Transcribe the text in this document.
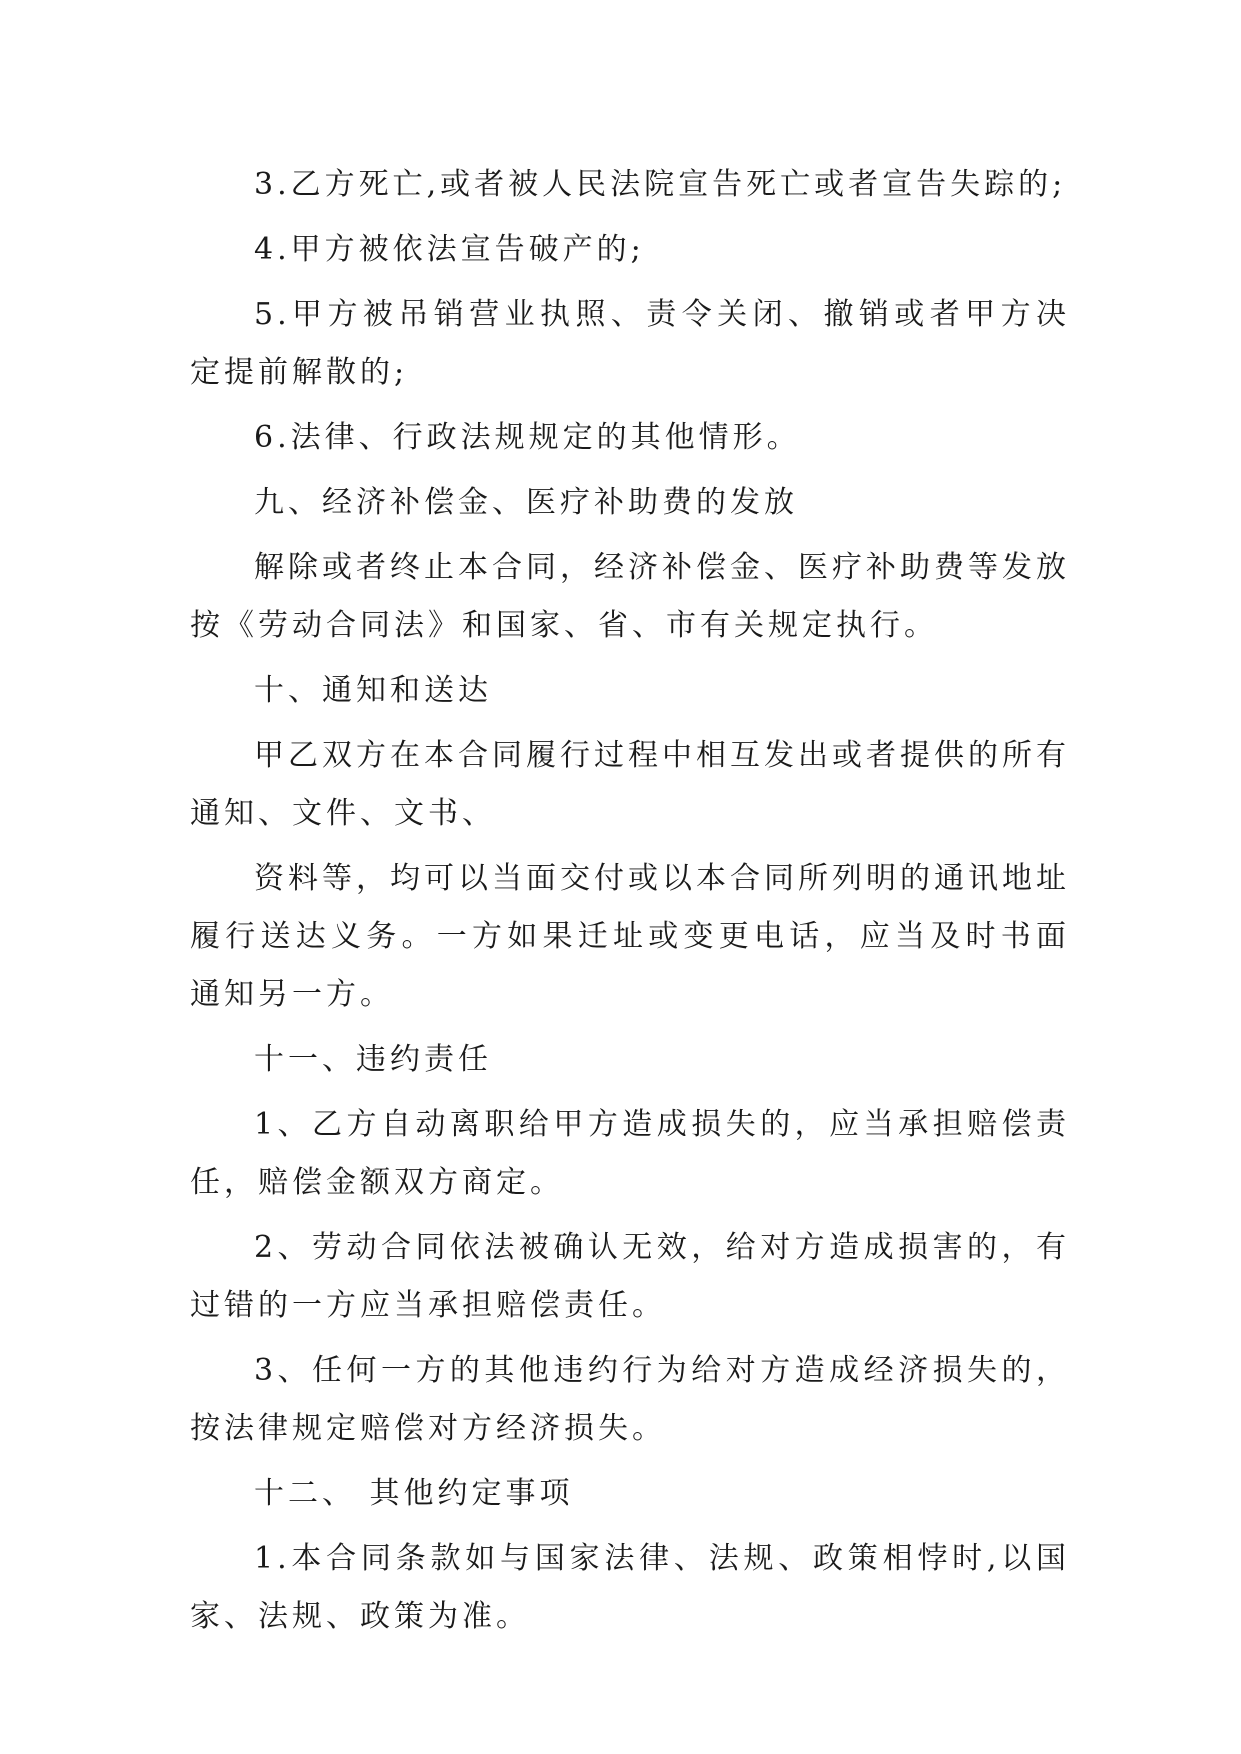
3.乙方死亡,或者被人民法院宣告死亡或者宣告失踪的;

4.甲方被依法宣告破产的;

5.甲方被吊销营业执照、责令关闭、撤销或者甲方决定提前解散的;

6.法律、行政法规规定的其他情形。

九、经济补偿金、医疗补助费的发放

解除或者终止本合同，经济补偿金、医疗补助费等发放按《劳动合同法》和国家、省、市有关规定执行。

十、通知和送达

甲乙双方在本合同履行过程中相互发出或者提供的所有通知、文件、文书、

资料等，均可以当面交付或以本合同所列明的通讯地址履行送达义务。一方如果迁址或变更电话，应当及时书面通知另一方。

十一、违约责任

1、乙方自动离职给甲方造成损失的，应当承担赔偿责任，赔偿金额双方商定。

2、劳动合同依法被确认无效，给对方造成损害的，有过错的一方应当承担赔偿责任。

3、任何一方的其他违约行为给对方造成经济损失的，按法律规定赔偿对方经济损失。

十二、 其他约定事项

1.本合同条款如与国家法律、法规、政策相悖时,以国家、法规、政策为准。
